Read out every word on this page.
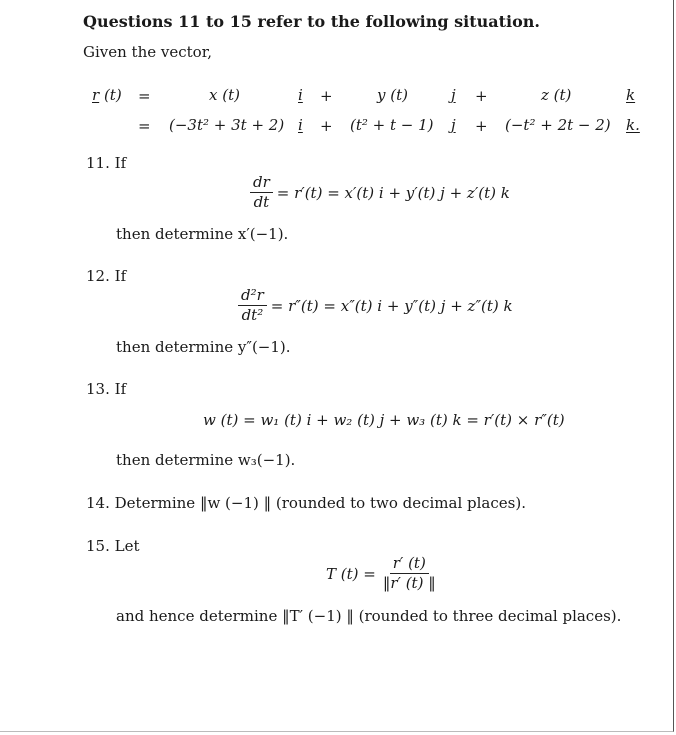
Questions 11 to 15 refer to the following situation.
Given the vector,
r (t) =	x (t)	i +	y (t)	j +	z (t)	k
= (−3t² + 3t + 2) i + (t² + t − 1) j + (−t² + 2t − 2) k.
11. If
$\frac{dr}{dt} = r'(t) = x'(t) i + y'(t) j + z'(t)$ k
then determine x′(−1).
12. If
$\frac{\text{d²r}}{\text{dt²}} = r''(t) = x''(t) i + y''(t) j + z''(t)$ k
then determine y″(−1).
13. If
w (t) = w₁ (t) i + w₂ (t) j + w₃ (t) k = r′(t) × r″(t)
then determine w₃(−1).
14. Determine ‖w (−1) ‖ (rounded to two decimal places).
15. Let
T $(t) = \frac{r' (t)}{‖r' (t) ‖}$
and hence determine ‖T′ (−1) ‖ (rounded to three decimal places).
